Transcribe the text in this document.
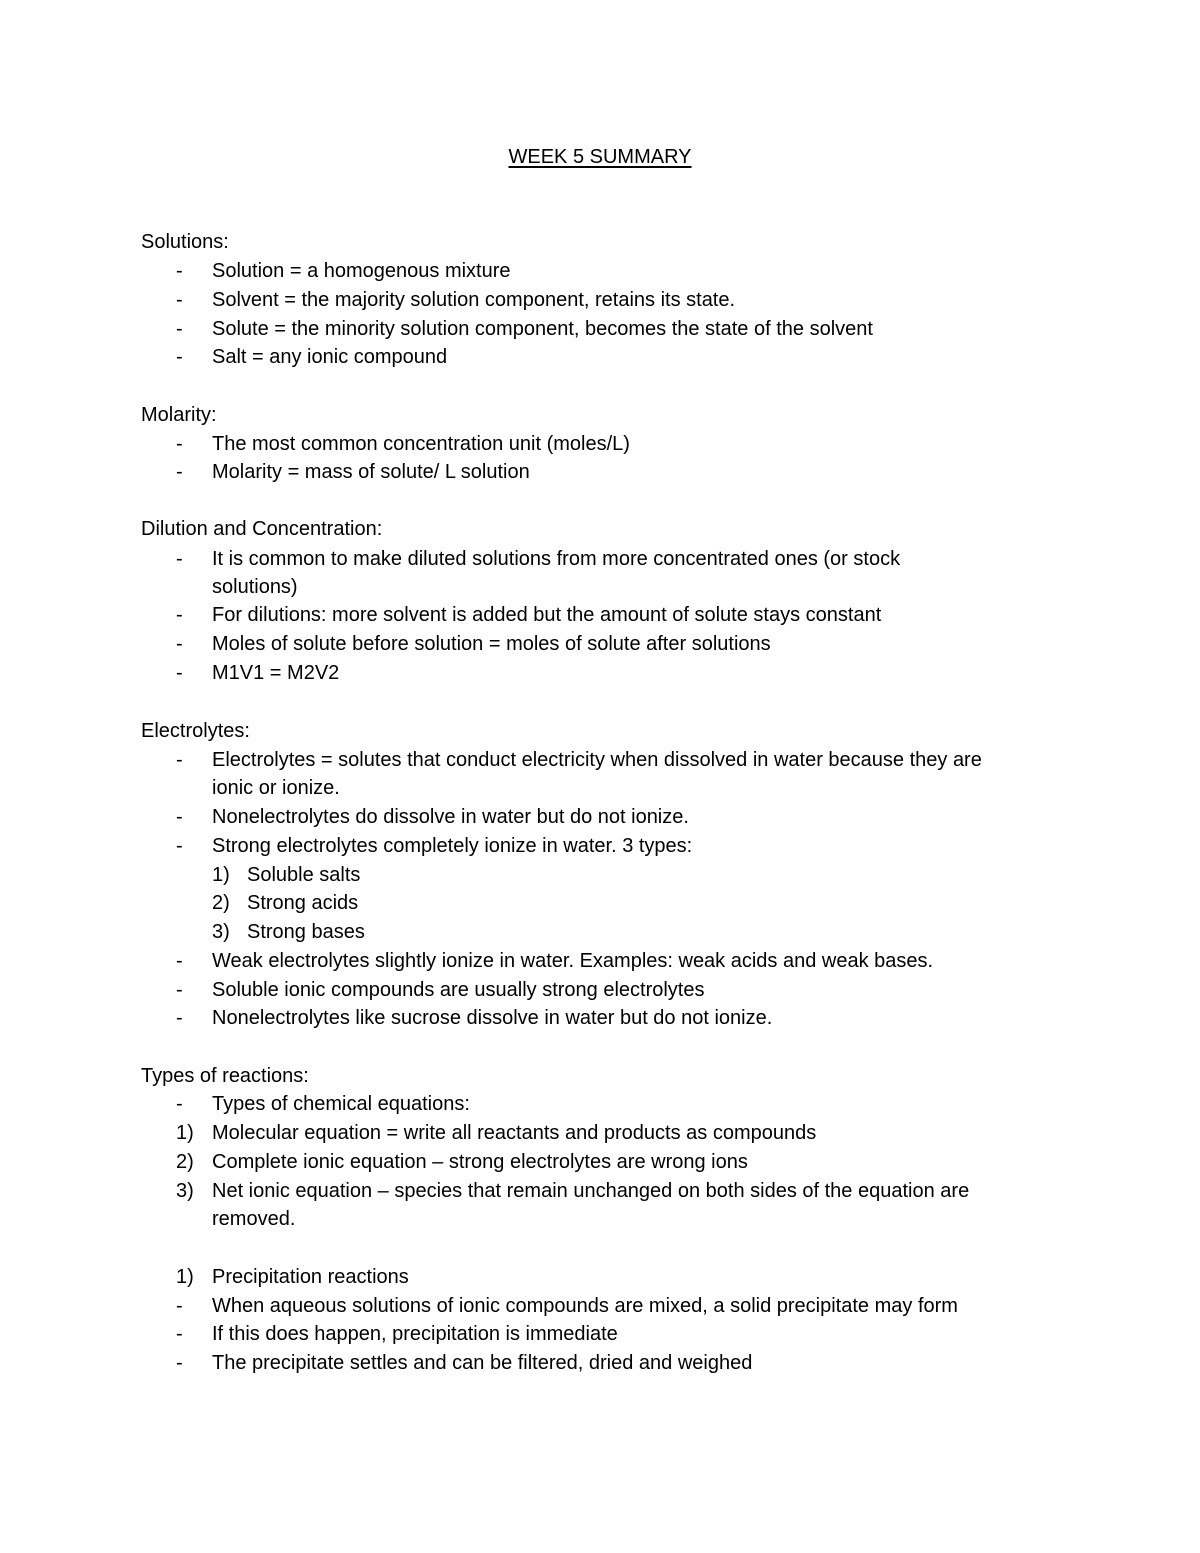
WEEK 5 SUMMARY
Solutions:
-	Solution = a homogenous mixture
-	Solvent = the majority solution component, retains its state.
-	Solute = the minority solution component, becomes the state of the solvent
-	Salt = any ionic compound
Molarity:
-	The most common concentration unit (moles/L)
-	Molarity = mass of solute/ L solution
Dilution and Concentration:
-	It is common to make diluted solutions from more concentrated ones (or stock
solutions)
-	For dilutions: more solvent is added but the amount of solute stays constant
-	Moles of solute before solution = moles of solute after solutions
-	M1V1 = M2V2
Electrolytes:
-	Electrolytes = solutes that conduct electricity when dissolved in water because they are
ionic or ionize.
-	Nonelectrolytes do dissolve in water but do not ionize.
-	Strong electrolytes completely ionize in water. 3 types:
1) Soluble salts
2) Strong acids
3) Strong bases
-	Weak electrolytes slightly ionize in water. Examples: weak acids and weak bases.
-	Soluble ionic compounds are usually strong electrolytes
-	Nonelectrolytes like sucrose dissolve in water but do not ionize.
Types of reactions:
-	Types of chemical equations:
1) Molecular equation = write all reactants and products as compounds
2) Complete ionic equation – strong electrolytes are wrong ions
3) Net ionic equation – species that remain unchanged on both sides of the equation are
removed.
1) Precipitation reactions
-	When aqueous solutions of ionic compounds are mixed, a solid precipitate may form
-	If this does happen, precipitation is immediate
-	The precipitate settles and can be filtered, dried and weighed
